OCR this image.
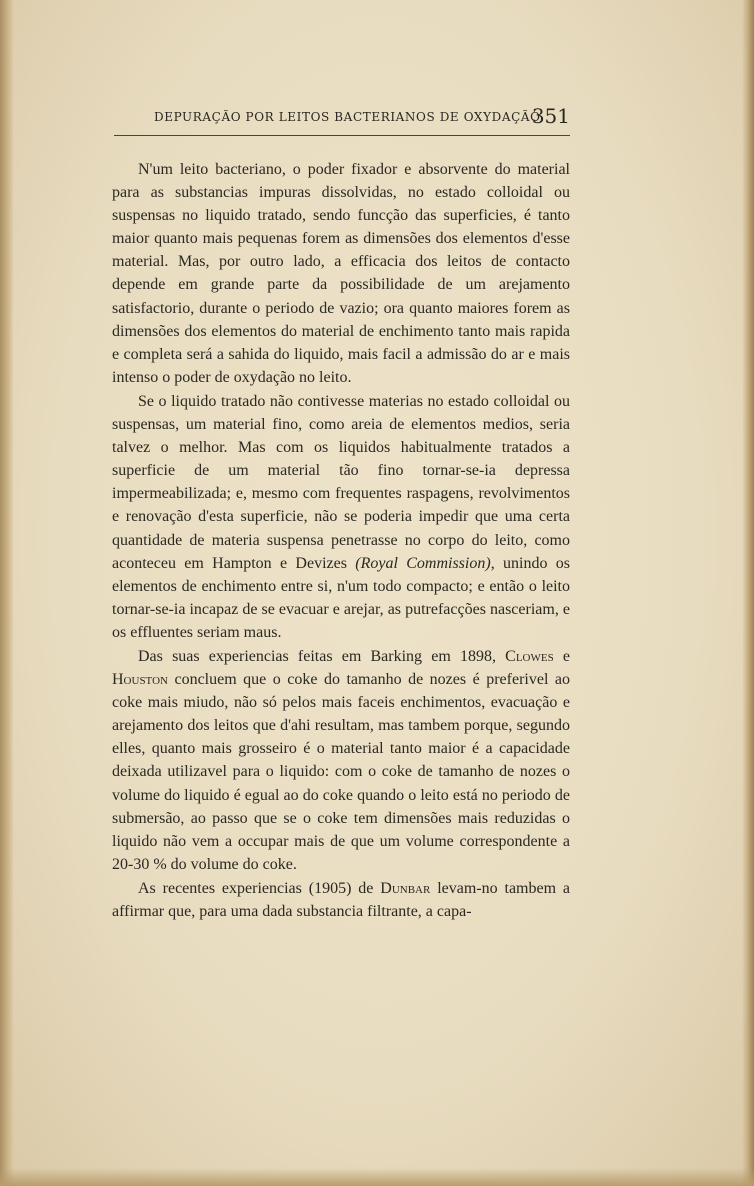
DEPURAÇÃO POR LEITOS BACTERIANOS DE OXYDAÇÃO
351

N'um leito bacteriano, o poder fixador e absorvente do material para as substancias impuras dissolvidas, no estado colloidal ou suspensas no liquido tratado, sendo funcção das superficies, é tanto maior quanto mais pequenas forem as dimensões dos elementos d'esse material. Mas, por outro lado, a efficacia dos leitos de contacto depende em grande parte da possibilidade de um arejamento satisfactorio, durante o periodo de vazio; ora quanto maiores forem as dimensões dos elementos do material de enchimento tanto mais rapida e completa será a sahida do liquido, mais facil a admissão do ar e mais intenso o poder de oxydação no leito.

Se o liquido tratado não contivesse materias no estado colloidal ou suspensas, um material fino, como areia de elementos medios, seria talvez o melhor. Mas com os liquidos habitualmente tratados a superficie de um material tão fino tornar-se-ia depressa impermeabilizada; e, mesmo com frequentes raspagens, revolvimentos e renovação d'esta superficie, não se poderia impedir que uma certa quantidade de materia suspensa penetrasse no corpo do leito, como aconteceu em Hampton e Devizes (Royal Commission), unindo os elementos de enchimento entre si, n'um todo compacto; e então o leito tornar-se-ia incapaz de se evacuar e arejar, as putrefacções nasceriam, e os effluentes seriam maus.

Das suas experiencias feitas em Barking em 1898, Clowes e Houston concluem que o coke do tamanho de nozes é preferivel ao coke mais miudo, não só pelos mais faceis enchimentos, evacuação e arejamento dos leitos que d'ahi resultam, mas tambem porque, segundo elles, quanto mais grosseiro é o material tanto maior é a capacidade deixada utilizavel para o liquido: com o coke de tamanho de nozes o volume do liquido é egual ao do coke quando o leito está no periodo de submersão, ao passo que se o coke tem dimensões mais reduzidas o liquido não vem a occupar mais de que um volume correspondente a 20-30 % do volume do coke.

As recentes experiencias (1905) de Dunbar levam-no tambem a affirmar que, para uma dada substancia filtrante, a capa-
